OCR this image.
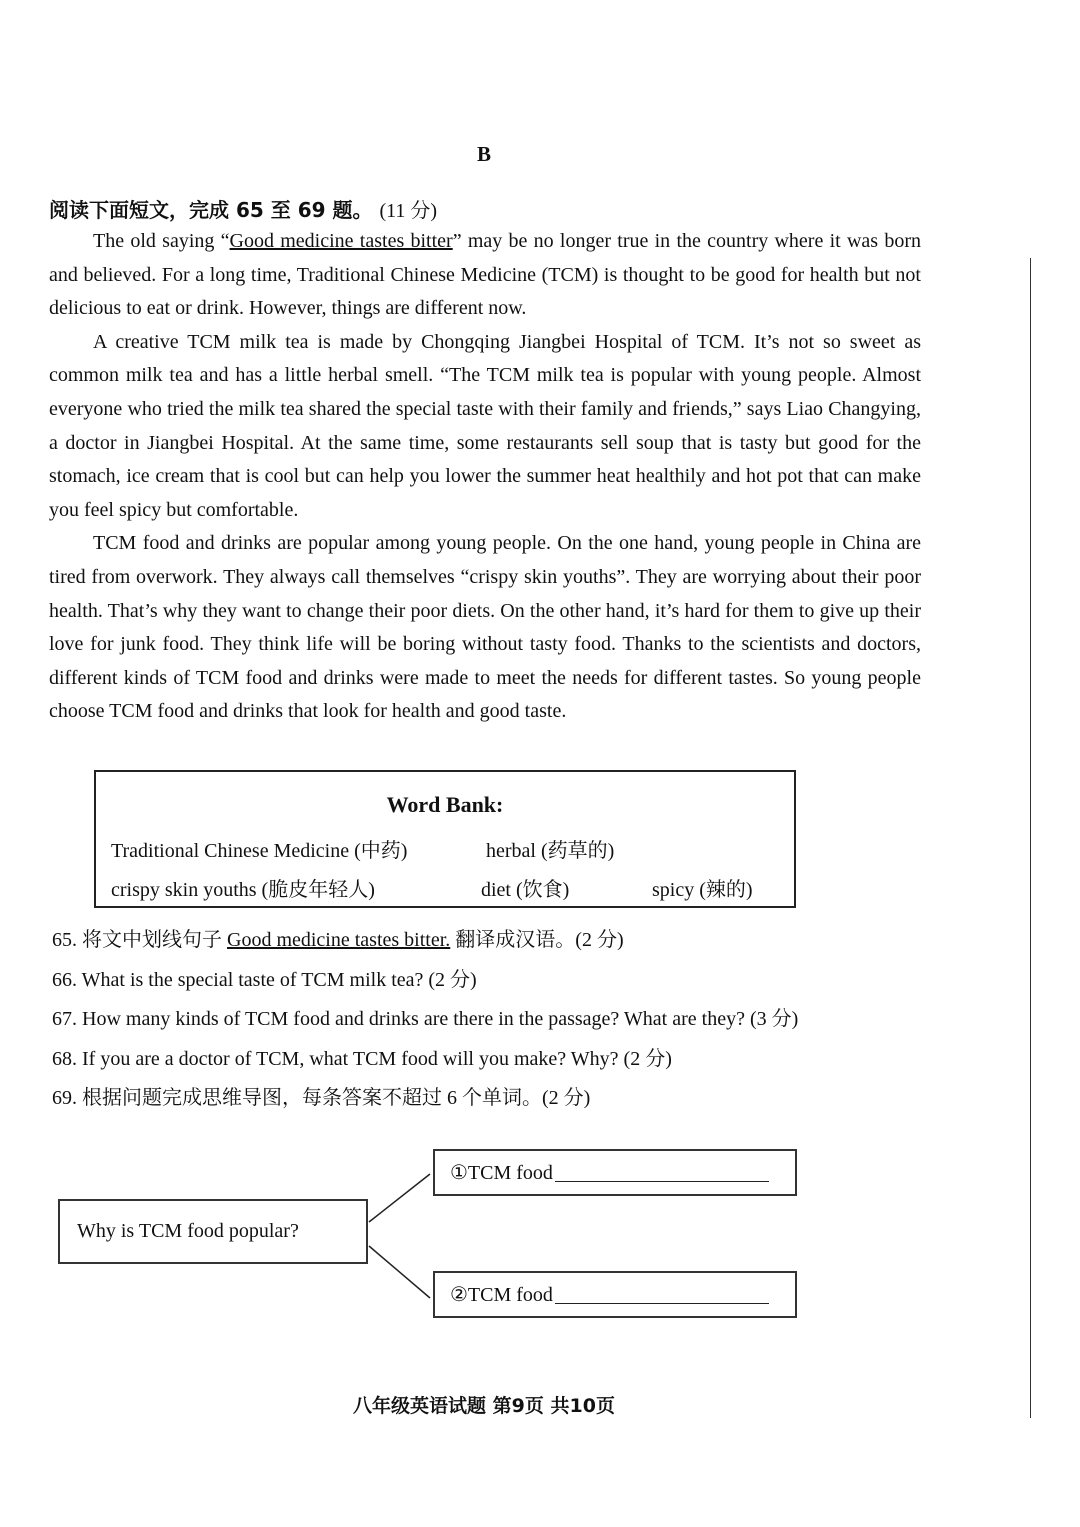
B
阅读下面短文，完成 65 至 69 题。 (11 分)

The old saying “Good medicine tastes bitter” may be no longer true in the country where it was born and believed. For a long time, Traditional Chinese Medicine (TCM) is thought to be good for health but not delicious to eat or drink. However, things are different now.

A creative TCM milk tea is made by Chongqing Jiangbei Hospital of TCM. It’s not so sweet as common milk tea and has a little herbal smell. “The TCM milk tea is popular with young people. Almost everyone who tried the milk tea shared the special taste with their family and friends,” says Liao Changying, a doctor in Jiangbei Hospital. At the same time, some restaurants sell soup that is tasty but good for the stomach, ice cream that is cool but can help you lower the summer heat healthily and hot pot that can make you feel spicy but comfortable.

TCM food and drinks are popular among young people. On the one hand, young people in China are tired from overwork. They always call themselves “crispy skin youths”. They are worrying about their poor health. That’s why they want to change their poor diets. On the other hand, it’s hard for them to give up their love for junk food. They think life will be boring without tasty food. Thanks to the scientists and doctors, different kinds of TCM food and drinks were made to meet the needs for different tastes. So young people choose TCM food and drinks that look for health and good taste.

Word Bank:
Traditional Chinese Medicine (中药)	herbal (药草的)
crispy skin youths (脆皮年轻人)	diet (饮食)	spicy (辣的)
65. 将文中划线句子 Good medicine tastes bitter. 翻译成汉语。(2 分)
66. What is the special taste of TCM milk tea? (2 分)
67. How many kinds of TCM food and drinks are there in the passage? What are they? (3 分)
68. If you are a doctor of TCM, what TCM food will you make? Why? (2 分)
69. 根据问题完成思维导图，每条答案不超过 6 个单词。(2 分)
Why is TCM food popular?
①TCM food
②TCM food
八年级英语试题 第9页 共10页
